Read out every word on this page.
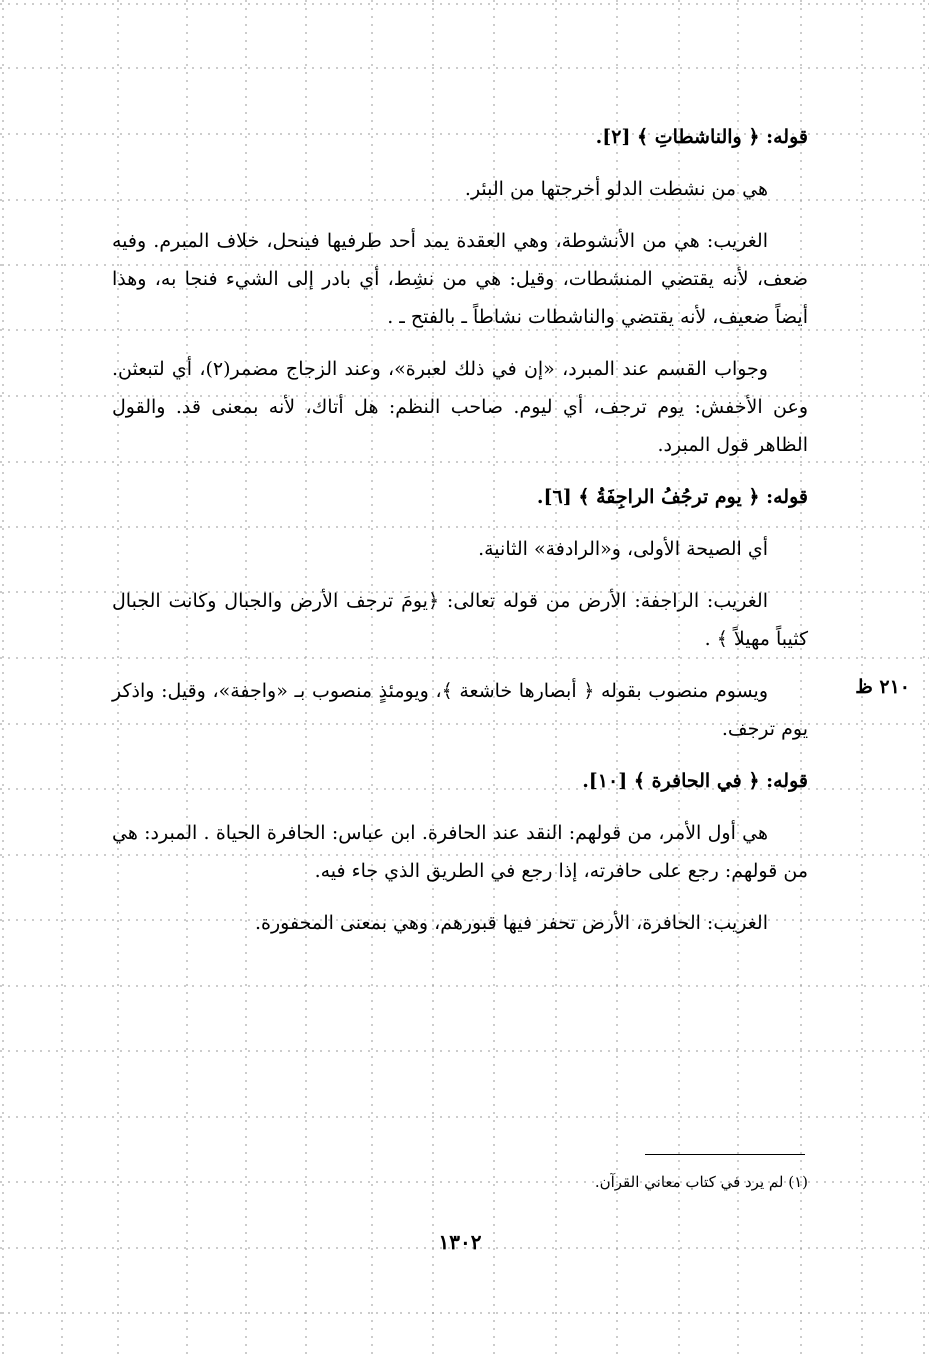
٢١٠ ظ

قوله: ﴿ والناشطاتِ ﴾ [٢].

هي من نشطت الدلو أخرجتها من البئر.

الغريب: هي من الأنشوطة، وهي العقدة يمد أحد طرفيها فينحل، خلاف المبرم. وفيه ضعف، لأنه يقتضي المنشطات، وقيل: هي من نشِط، أي بادر إلى الشيء فنجا به، وهذا أيضاً ضعيف، لأنه يقتضي والناشطات نشاطاً ـ بالفتح ـ .

وجواب القسم عند المبرد، «إن في ذلك لعبرة»، وعند الزجاج مضمر(٢)، أي لتبعثن. وعن الأخفش: يوم ترجف، أي ليوم. صاحب النظم: هل أتاك، لأنه بمعنى قد. والقول الظاهر قول المبرد.

قوله: ﴿ يوم ترجُفُ الراجِفَةُ ﴾ [٦].

أي الصيحة الأولى، و«الرادفة» الثانية.

الغريب: الراجفة: الأرض من قوله تعالى: ﴿يومَ ترجف الأرض والجبال وكانت الجبال كثيباً مهيلاً ﴾ .

ويسوم منصوب بقوله ﴿ أبصارها خاشعة ﴾، ويومئذٍ منصوب بـ «واجفة»، وقيل: واذكر يوم ترجف.

قوله: ﴿ في الحافرة ﴾ [١٠].

هي أول الأمر، من قولهم: النقد عند الحافرة. ابن عباس: الحافرة الحياة . المبرد: هي من قولهم: رجع على حافرته، إذا رجع في الطريق الذي جاء فيه.

الغريب: الحافرة، الأرض تحفر فيها قبورهم، وهي بمعنى المحفورة.

(١) لم يرد في كتاب معاني القرآن.
١٣٠٢
